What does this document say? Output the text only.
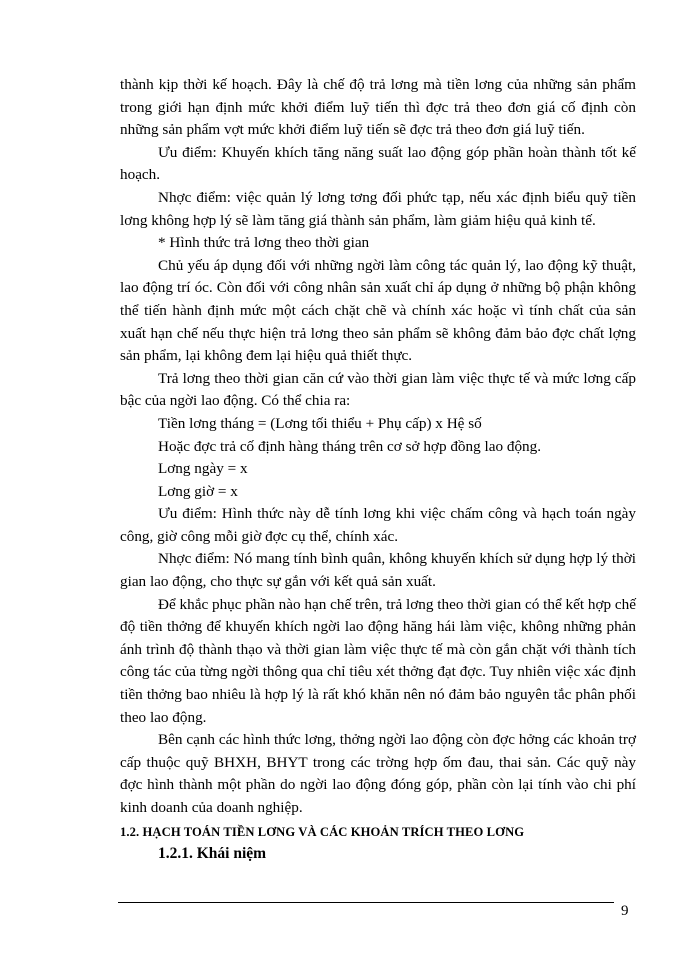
thành kịp thời kế hoạch. Đây là chế độ trả lơng mà tiền lơng của những sản phẩm trong giới hạn định mức khởi điểm luỹ tiến thì đợc trả theo đơn giá cố định còn những sản phẩm vợt mức khởi điểm luỹ tiến sẽ đợc trả theo đơn giá luỹ tiến.

Ưu điểm: Khuyến khích tăng năng suất lao động góp phần hoàn thành tốt kế hoạch.

Nhợc điểm: việc quản lý lơng tơng đối phức tạp, nếu xác định biểu quỹ tiền lơng không hợp lý sẽ làm tăng giá thành sản phẩm, làm giảm hiệu quả kinh tế.

* Hình thức trả lơng theo thời gian

Chủ yếu áp dụng đối với những ngời làm công tác quản lý, lao động kỹ thuật, lao động trí óc. Còn đối với công nhân sản xuất chỉ áp dụng ở những bộ phận không thể tiến hành định mức một cách chặt chẽ và chính xác hoặc vì tính chất của sản xuất hạn chế nếu thực hiện trả lơng theo sản phẩm sẽ không đảm bảo đợc chất lợng sản phẩm, lại không đem lại hiệu quả thiết thực.

Trả lơng theo thời gian căn cứ vào thời gian làm việc thực tế và mức lơng cấp bậc của ngời lao động. Có thể chia ra:

Tiền lơng tháng = (Lơng tối thiểu + Phụ cấp) x Hệ số

Hoặc đợc trả cố định hàng tháng trên cơ sở hợp đồng lao động.

Lơng ngày = x

Lơng giờ = x

Ưu điểm: Hình thức này dễ tính lơng khi việc chấm công và hạch toán ngày công, giờ công mỗi giờ đợc cụ thể, chính xác.

Nhợc điểm: Nó mang tính bình quân, không khuyến khích sử dụng hợp lý thời gian lao động, cho thực sự gắn với kết quả sản xuất.

Để khắc phục phần nào hạn chế trên, trả lơng theo thời gian có thể kết hợp chế độ tiền thởng để khuyến khích ngời lao động hăng hái làm việc, không những phản ánh trình độ thành thạo và thời gian làm việc thực tế mà còn gắn chặt với thành tích công tác của từng ngời thông qua chỉ tiêu xét thởng đạt đợc. Tuy nhiên việc xác định tiền thởng bao nhiêu là hợp lý là rất khó khăn nên nó đảm bảo nguyên tắc phân phối theo lao động.

Bên cạnh các hình thức lơng, thởng ngời lao động còn đợc hởng các khoản trợ cấp thuộc quỹ BHXH, BHYT trong các trờng hợp ốm đau, thai sản. Các quỹ này đợc hình thành một phần do ngời lao động đóng góp, phần còn lại tính vào chi phí kinh doanh của doanh nghiệp.

1.2. HẠCH TOÁN TIỀN LƠNG VÀ CÁC KHOẢN TRÍCH THEO LƠNG

1.2.1. Khái niệm

9
